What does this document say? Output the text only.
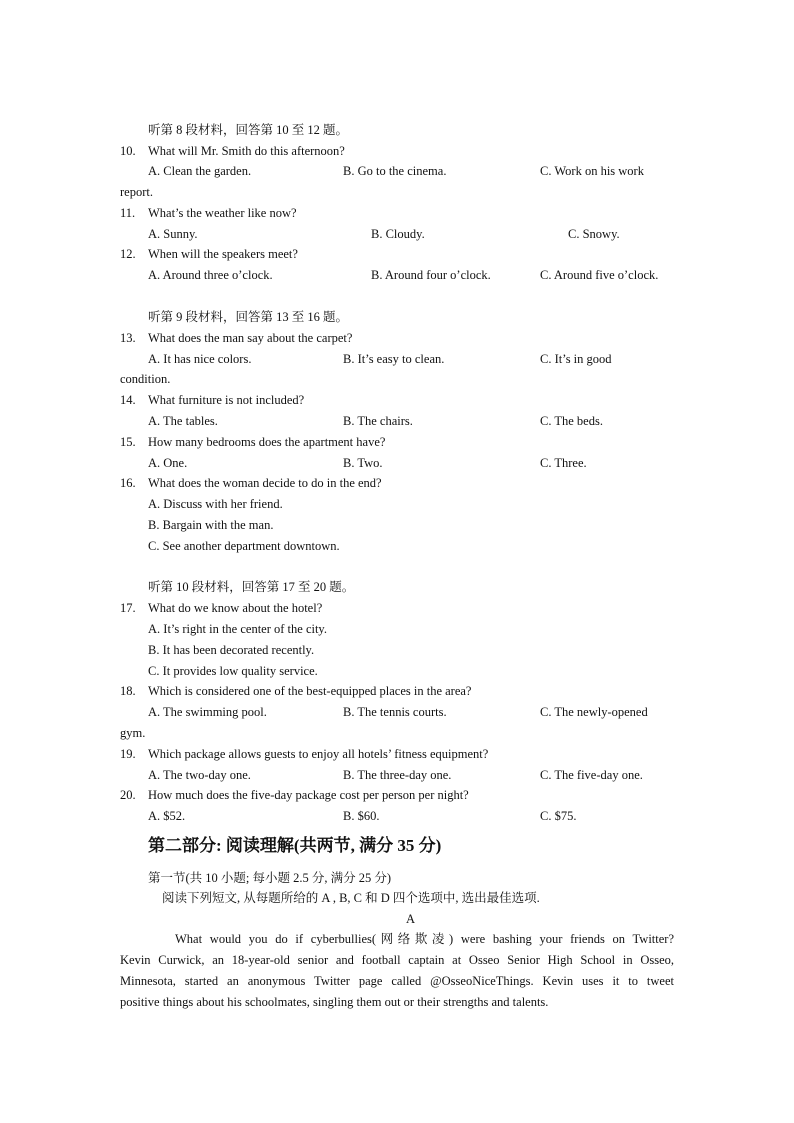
听第 8 段材料，回答第 10 至 12 题。
10. What will Mr. Smith do this afternoon?
A. Clean the garden.	B. Go to the cinema.	C. Work on his work
report.
11. What’s the weather like now?
A. Sunny.	B. Cloudy.	C. Snowy.
12. When will the speakers meet?
A. Around three o’clock.	B. Around four o’clock.	C. Around five o’clock.
听第 9 段材料，回答第 13 至 16 题。
13. What does the man say about the carpet?
A. It has nice colors.	B. It’s easy to clean.	C. It’s in good
condition.
14. What furniture is not included?
A. The tables.	B. The chairs.	C. The beds.
15. How many bedrooms does the apartment have?
A. One.	B. Two.	C. Three.
16. What does the woman decide to do in the end?
A. Discuss with her friend.
B. Bargain with the man.
C. See another department downtown.
听第 10 段材料，回答第 17 至 20 题。
17. What do we know about the hotel?
A. It’s right in the center of the city.
B. It has been decorated recently.
C. It provides low quality service.
18. Which is considered one of the best-equipped places in the area?
A. The swimming pool.	B. The tennis courts.	C. The newly-opened
gym.
19. Which package allows guests to enjoy all hotels’ fitness equipment?
A. The two-day one.	B. The three-day one.	C. The five-day one.
20. How much does the five-day package cost per person per night?
A. $52.	B. $60.	C. $75.
第二部分: 阅读理解(共两节, 满分 35 分)
第一节(共 10 小题; 每小题 2.5 分, 满分 25 分)
阅读下列短文, 从每题所给的 A , B, C 和 D 四个选项中, 选出最佳选项.
A
What would you do if cyberbullies(网络欺凌) were bashing your friends on Twitter?
Kevin Curwick, an 18-year-old senior and football captain at Osseo Senior High School in Osseo,
Minnesota, started an anonymous Twitter page called @OsseoNiceThings. Kevin uses it to tweet
positive things about his schoolmates, singling them out or their strengths and talents.
